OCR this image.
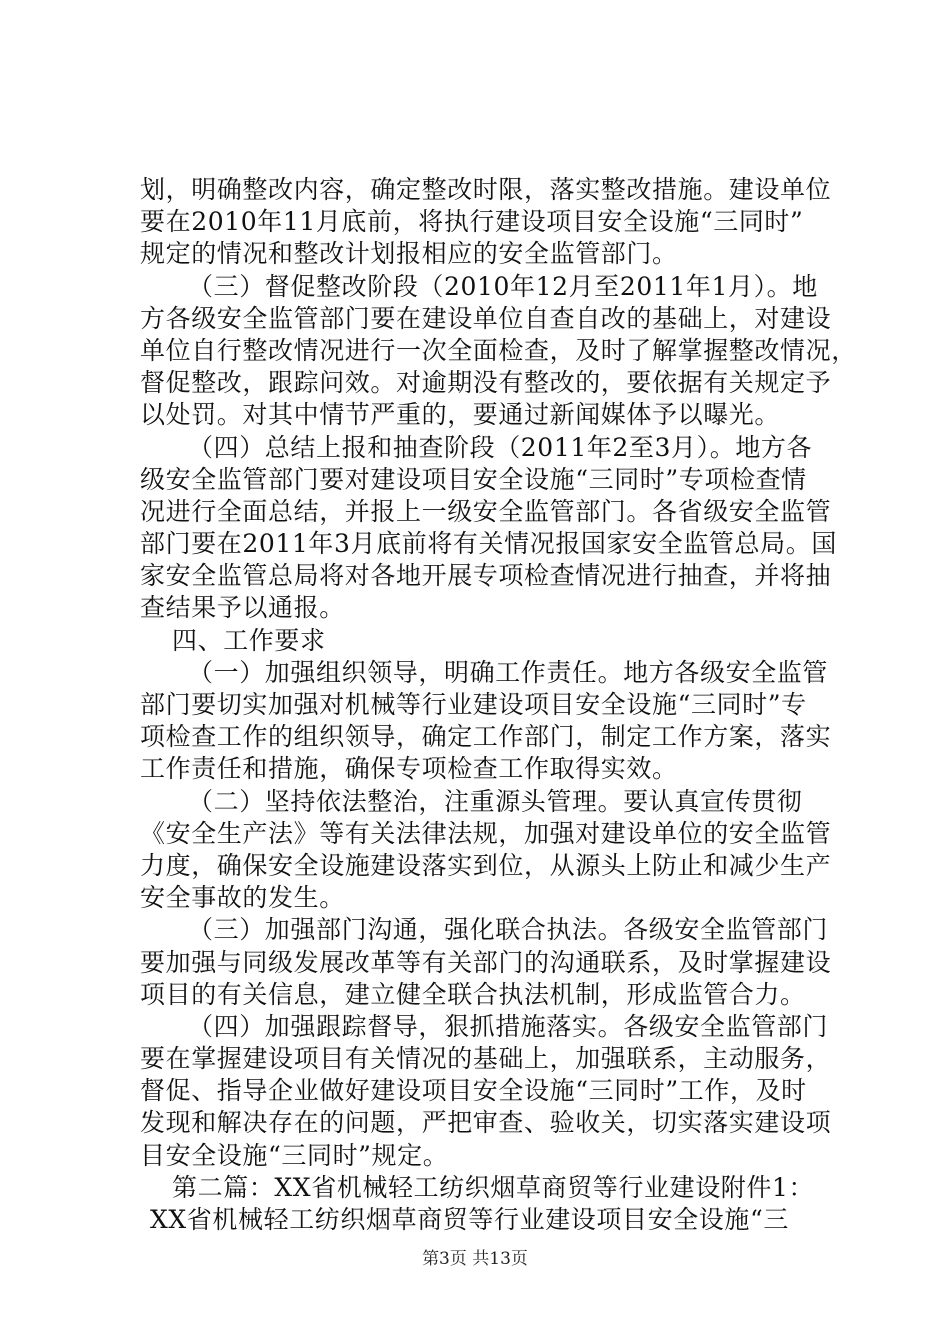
划，明确整改内容，确定整改时限，落实整改措施。建设单位
要在2010年11月底前，将执行建设项目安全设施“三同时”
规定的情况和整改计划报相应的安全监管部门。
（三）督促整改阶段（2010年12月至2011年1月）。地
方各级安全监管部门要在建设单位自查自改的基础上，对建设
单位自行整改情况进行一次全面检查，及时了解掌握整改情况，
督促整改，跟踪问效。对逾期没有整改的，要依据有关规定予
以处罚。对其中情节严重的，要通过新闻媒体予以曝光。
（四）总结上报和抽查阶段（2011年2至3月）。地方各
级安全监管部门要对建设项目安全设施“三同时”专项检查情
况进行全面总结，并报上一级安全监管部门。各省级安全监管
部门要在2011年3月底前将有关情况报国家安全监管总局。国
家安全监管总局将对各地开展专项检查情况进行抽查，并将抽
查结果予以通报。
四、工作要求
（一）加强组织领导，明确工作责任。地方各级安全监管
部门要切实加强对机械等行业建设项目安全设施“三同时”专
项检查工作的组织领导，确定工作部门，制定工作方案，落实
工作责任和措施，确保专项检查工作取得实效。
（二）坚持依法整治，注重源头管理。要认真宣传贯彻
《安全生产法》等有关法律法规，加强对建设单位的安全监管
力度，确保安全设施建设落实到位，从源头上防止和减少生产
安全事故的发生。
（三）加强部门沟通，强化联合执法。各级安全监管部门
要加强与同级发展改革等有关部门的沟通联系，及时掌握建设
项目的有关信息，建立健全联合执法机制，形成监管合力。
（四）加强跟踪督导，狠抓措施落实。各级安全监管部门
要在掌握建设项目有关情况的基础上，加强联系，主动服务，
督促、指导企业做好建设项目安全设施“三同时”工作，及时
发现和解决存在的问题，严把审查、验收关，切实落实建设项
目安全设施“三同时”规定。
第二篇：XX省机械轻工纺织烟草商贸等行业建设附件1：
XX省机械轻工纺织烟草商贸等行业建设项目安全设施“三
第3页 共13页
